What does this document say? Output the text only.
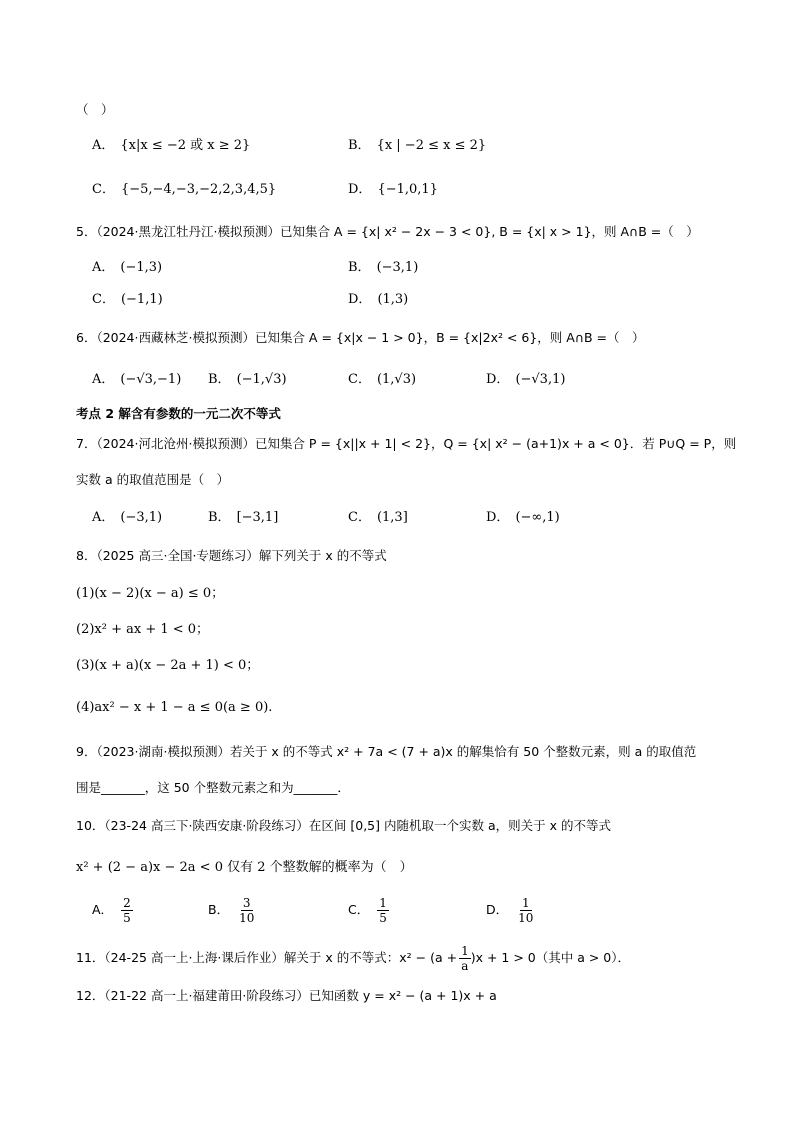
（　）
A． {x|x ≤ −2 或 x ≥ 2}	B． {x | −2 ≤ x ≤ 2}
C． {−5,−4,−3,−2,2,3,4,5}	D． {−1,0,1}
5．（2024·黑龙江牡丹江·模拟预测）已知集合 A = {x| x² − 2x − 3 < 0}, B = {x| x > 1}，则 A∩B =（　）
A． (−1,3)	B． (−3,1)
C． (−1,1)	D． (1,3)
6．（2024·西藏林芝·模拟预测）已知集合 A = {x|x − 1 > 0}，B = {x|2x² < 6}，则 A∩B =（　）
A． (−√3,−1) B． (−1,√3)	C． (1,√3)	D． (−√3,1)
考点 2 解含有参数的一元二次不等式
7．（2024·河北沧州·模拟预测）已知集合 P = {x||x + 1| < 2}，Q = {x| x² − (a+1)x + a < 0}．若 P∪Q = P，则
实数 a 的取值范围是（　）
A． (−3,1)	B． [−3,1]	C． (1,3]	D． (−∞,1)
8．（2025 高三·全国·专题练习）解下列关于 x 的不等式
(1)(x − 2)(x − a) ≤ 0；
(2)x² + ax + 1 < 0；
(3)(x + a)(x − 2a + 1) < 0；
(4)ax² − x + 1 − a ≤ 0(a ≥ 0).
9．（2023·湖南·模拟预测）若关于 x 的不等式 x² + 7a < (7 + a)x 的解集恰有 50 个整数元素，则 a 的取值范
围是_______，这 50 个整数元素之和为_______．
10．（23-24 高三下·陕西安康·阶段练习）在区间 [0,5] 内随机取一个实数 a，则关于 x 的不等式
x² + (2 − a)x − 2a < 0 仅有 2 个整数解的概率为（　）
A． $\frac{2}{5}$	B． $\frac{3}{10}$	C． $\frac{1}{5}$	D． $\frac{1}{10}$
11．（24-25 高一上·上海·课后作业）解关于 x 的不等式：$x^2 - (a + \frac{1}{a} )x + 1 > 0$（其中 a > 0）．
12．（21-22 高一上·福建莆田·阶段练习）已知函数 y = x² − (a + 1)x + a
